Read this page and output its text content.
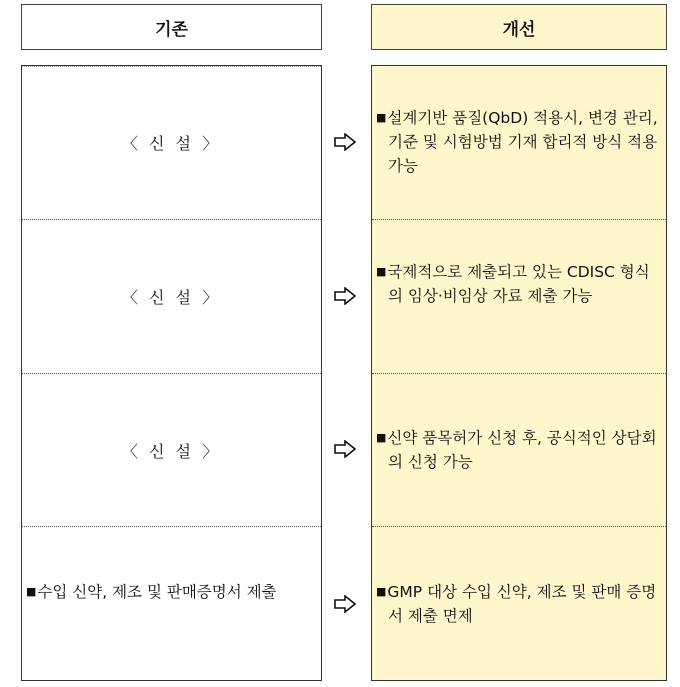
기존	개선
〈 신 설 〉
〈 신 설 〉
〈 신 설 〉
■수입 신약, 제조 및 판매증명서 제출
■설계기반 품질(QbD) 적용시, 변경 관리, 기준 및 시험방법 기재 합리적 방식 적용 가능
■국제적으로 제출되고 있는 CDISC 형식의 임상·비임상 자료 제출 가능
■신약 품목허가 신청 후, 공식적인 상담회의 신청 가능
■GMP 대상 수입 신약, 제조 및 판매 증명서 제출 면제
